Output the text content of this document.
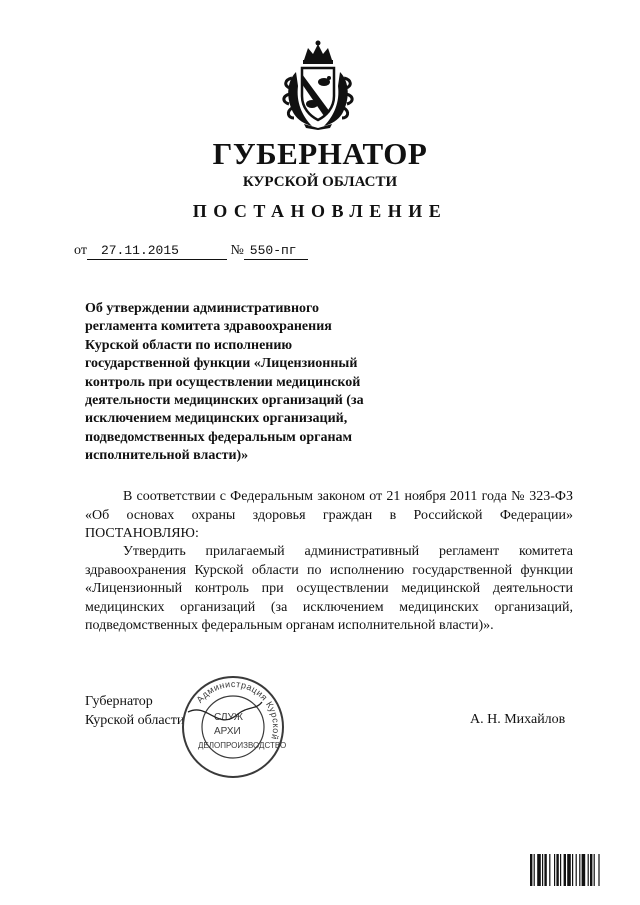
ГУБЕРНАТОР
КУРСКОЙ ОБЛАСТИ
ПОСТАНОВЛЕНИЕ
от 27.11.2015	№ 550-пг
Об утверждении административного
регламента комитета здравоохранения
Курской области по исполнению
государственной функции «Лицензионный
контроль при осуществлении медицинской
деятельности медицинских организаций (за
исключением медицинских организаций,
подведомственных федеральным органам
исполнительной власти)»

В соответствии с Федеральным законом от 21 ноября 2011 года № 323-ФЗ «Об основах охраны здоровья граждан в Российской Федерации» ПОСТАНОВЛЯЮ:

Утвердить прилагаемый административный регламент комитета здравоохранения Курской области по исполнению государственной функции «Лицензионный контроль при осуществлении медицинской деятельности медицинских организаций (за исключением медицинских организаций, подведомственных федеральным органам исполнительной власти)».

Губернатор
Курской области
Администрация Курской
СЛУЖ
АРХИ
ДЕЛОПРОИЗВОДСТВО
А. Н. Михайлов
